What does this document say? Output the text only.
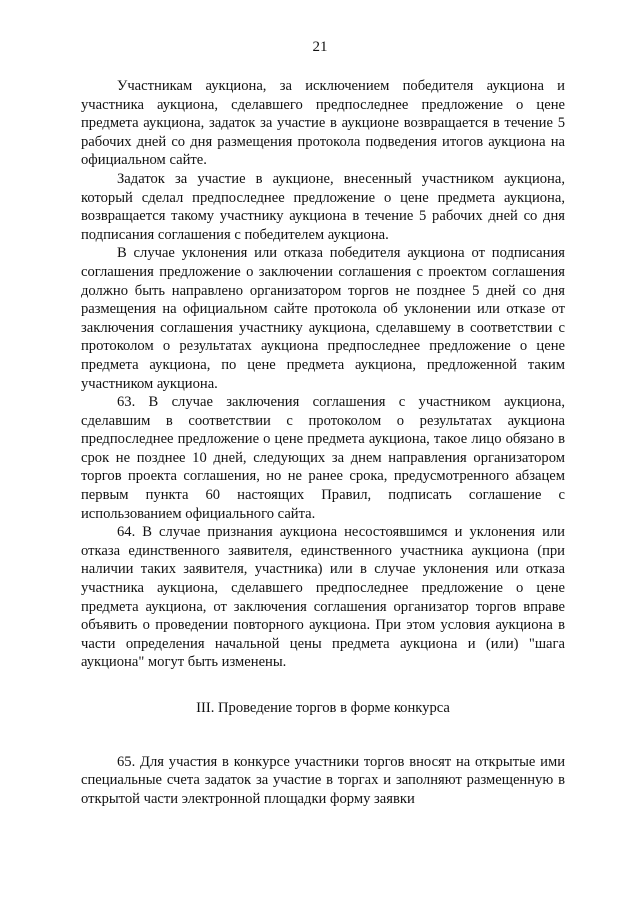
21

Участникам аукциона, за исключением победителя аукциона и участника аукциона, сделавшего предпоследнее предложение о цене предмета аукциона, задаток за участие в аукционе возвращается в течение 5 рабочих дней со дня размещения протокола подведения итогов аукциона на официальном сайте.

Задаток за участие в аукционе, внесенный участником аукциона, который сделал предпоследнее предложение о цене предмета аукциона, возвращается такому участнику аукциона в течение 5 рабочих дней со дня подписания соглашения с победителем аукциона.

В случае уклонения или отказа победителя аукциона от подписания соглашения предложение о заключении соглашения с проектом соглашения должно быть направлено организатором торгов не позднее 5 дней со дня размещения на официальном сайте протокола об уклонении или отказе от заключения соглашения участнику аукциона, сделавшему в соответствии с протоколом о результатах аукциона предпоследнее предложение о цене предмета аукциона, по цене предмета аукциона, предложенной таким участником аукциона.

63. В случае заключения соглашения с участником аукциона, сделавшим в соответствии с протоколом о результатах аукциона предпоследнее предложение о цене предмета аукциона, такое лицо обязано в срок не позднее 10 дней, следующих за днем направления организатором торгов проекта соглашения, но не ранее срока, предусмотренного абзацем первым пункта 60 настоящих Правил, подписать соглашение с использованием официального сайта.

64. В случае признания аукциона несостоявшимся и уклонения или отказа единственного заявителя, единственного участника аукциона (при наличии таких заявителя, участника) или в случае уклонения или отказа участника аукциона, сделавшего предпоследнее предложение о цене предмета аукциона, от заключения соглашения организатор торгов вправе объявить о проведении повторного аукциона. При этом условия аукциона в части определения начальной цены предмета аукциона и (или) "шага аукциона" могут быть изменены.

III. Проведение торгов в форме конкурса

65. Для участия в конкурсе участники торгов вносят на открытые ими специальные счета задаток за участие в торгах и заполняют размещенную в открытой части электронной площадки форму заявки
